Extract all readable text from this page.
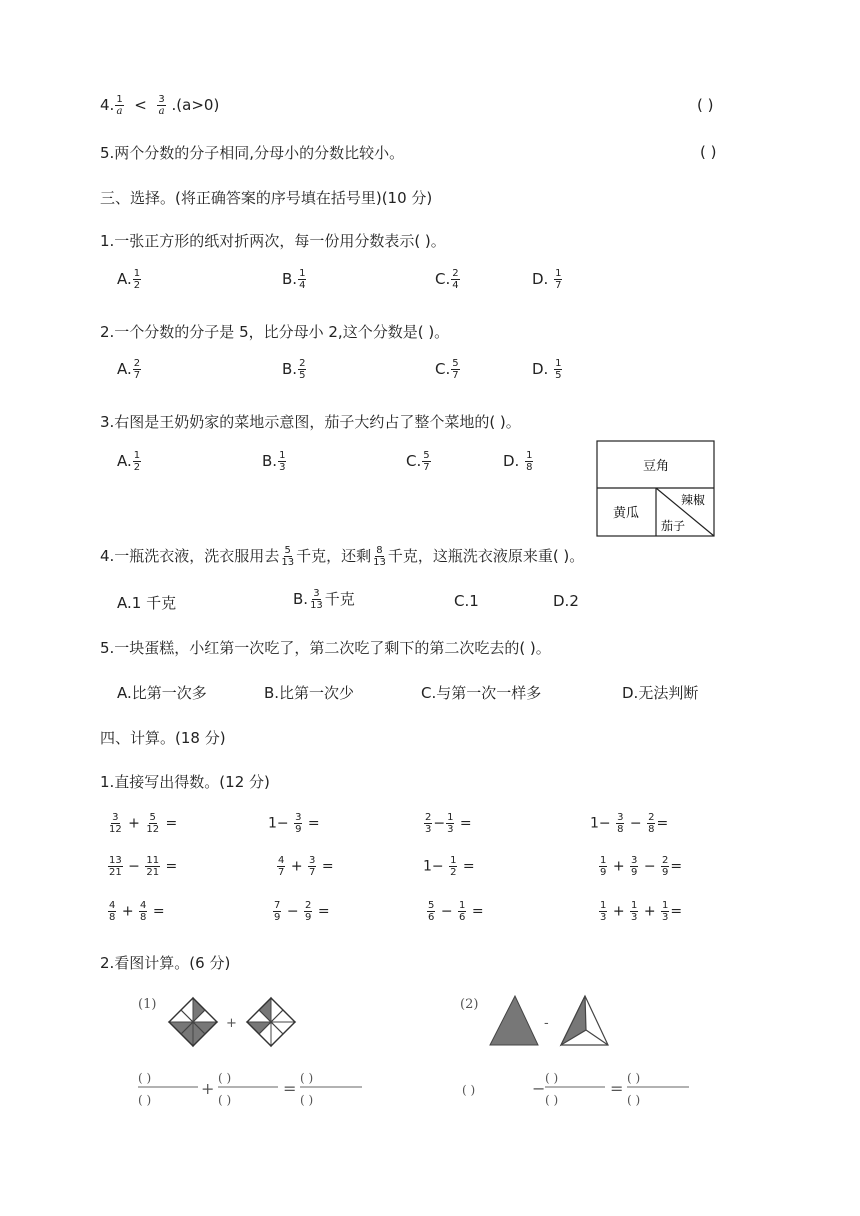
4. $\frac{1}{a} < \frac{3}{a} .(a>0)$	( )
5.两个分数的分子相同,分母小的分数比较小。	( )
三、选择。(将正确答案的序号填在括号里)(10 分)
1.一张正方形的纸对折两次，每一份用分数表示( )。
A. $\frac{1}{2}$	B. $\frac{1}{4}$	C. $\frac{2}{4}$	D. $\frac{1}{7}$
2.一个分数的分子是 5，比分母小 2,这个分数是( )。
A. $\frac{2}{7}$	B. $\frac{2}{5}$	C. $\frac{5}{7}$	D. $\frac{1}{5}$
3.右图是王奶奶家的菜地示意图，茄子大约占了整个菜地的( )。
A. $\frac{1}{2}$	B. $\frac{1}{3}$	C. $\frac{5}{7}$	D. $\frac{1}{8}$	豆角
黄瓜
辣椒
茄子
4.一瓶洗衣液，洗衣服用去 $\frac{5}{13}$ 千克，还剩 $\frac{8}{13}$ 千克，这瓶洗衣液原来重( )。
A.1 千克	B. $\frac{3}{13}$ 千克	C.1	D.2
5.一块蛋糕，小红第一次吃了，第二次吃了剩下的第二次吃去的( )。
A.比第一次多	B.比第一次少	C.与第一次一样多	D.无法判断
四、计算。(18 分)
1.直接写出得数。(12 分)
$\frac{3}{12} + \frac{5}{12}$ =	$1- \frac{3}{9}$ =	$\frac{2}{3} - \frac{1}{3}$ =	$1- \frac{3}{8} - \frac{2}{8}$ =
$\frac{13}{21} - \frac{11}{21}$ =	$\frac{4}{7} + \frac{3}{7}$ =	$1- \frac{1}{2}$ =	$\frac{1}{9} + \frac{3}{9} - \frac{2}{9}$ =
$\frac{4}{8} + \frac{4}{8}$ =	$\frac{7}{9} - \frac{2}{9}$ =	$\frac{5}{6} - \frac{1}{6}$ =	$\frac{1}{3} + \frac{1}{3} + \frac{1}{3}$ =
2.看图计算。(6 分)
(1)
+
(2)
-
( )
( )
+
( )
( )
=
( )
( )
( )	−
( )
( )
=
( )
( )
